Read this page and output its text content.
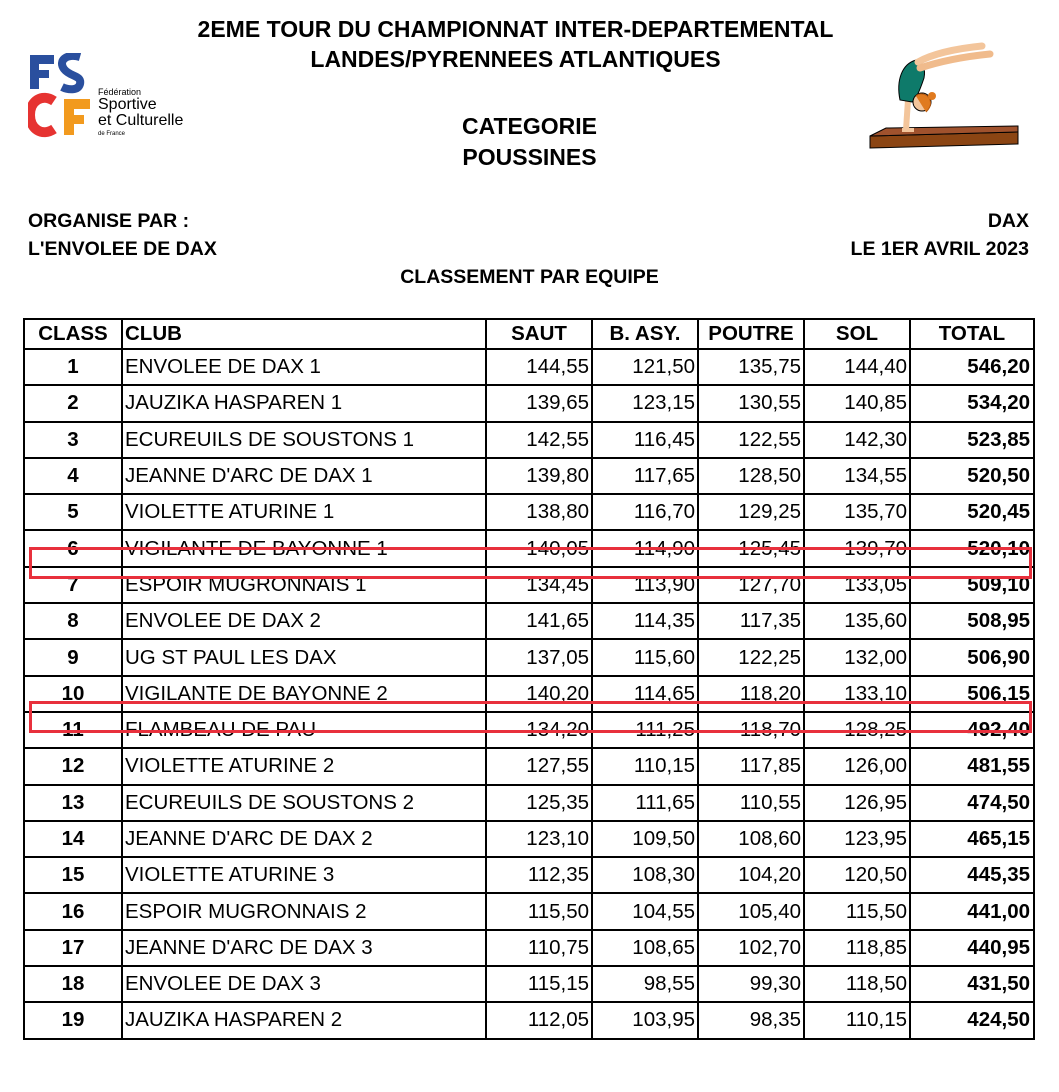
2EME TOUR DU CHAMPIONNAT INTER-DEPARTEMENTAL
LANDES/PYRENNEES ATLANTIQUES
Fédération
Sportive
et Culturelle
de France	CATEGORIE
POUSSINES
ORGANISE PAR :
L'ENVOLEE DE DAX
DAX
LE 1ER AVRIL 2023
CLASSEMENT PAR EQUIPE
CLASS	CLUB	SAUT	B. ASY.	POUTRE	SOL	TOTAL
1	ENVOLEE DE DAX 1	144,55	121,50	135,75	144,40	546,20
2	JAUZIKA HASPAREN 1	139,65	123,15	130,55	140,85	534,20
3	ECUREUILS DE SOUSTONS 1	142,55	116,45	122,55	142,30	523,85
4	JEANNE D'ARC DE DAX 1	139,80	117,65	128,50	134,55	520,50
5	VIOLETTE ATURINE 1	138,80	116,70	129,25	135,70	520,45
6	VIGILANTE DE BAYONNE 1	140,05	114,90	125,45	139,70	520,10
7	ESPOIR MUGRONNAIS 1	134,45	113,90	127,70	133,05	509,10
8	ENVOLEE DE DAX 2	141,65	114,35	117,35	135,60	508,95
9	UG ST PAUL LES DAX	137,05	115,60	122,25	132,00	506,90
10	VIGILANTE DE BAYONNE 2	140,20	114,65	118,20	133,10	506,15
11	FLAMBEAU DE PAU	134,20	111,25	118,70	128,25	492,40
12	VIOLETTE ATURINE 2	127,55	110,15	117,85	126,00	481,55
13	ECUREUILS DE SOUSTONS 2	125,35	111,65	110,55	126,95	474,50
14	JEANNE D'ARC DE DAX 2	123,10	109,50	108,60	123,95	465,15
15	VIOLETTE ATURINE 3	112,35	108,30	104,20	120,50	445,35
16	ESPOIR MUGRONNAIS 2	115,50	104,55	105,40	115,50	441,00
17	JEANNE D'ARC DE DAX 3	110,75	108,65	102,70	118,85	440,95
18	ENVOLEE DE DAX 3	115,15	98,55	99,30	118,50	431,50
19	JAUZIKA HASPAREN 2	112,05	103,95	98,35	110,15	424,50
